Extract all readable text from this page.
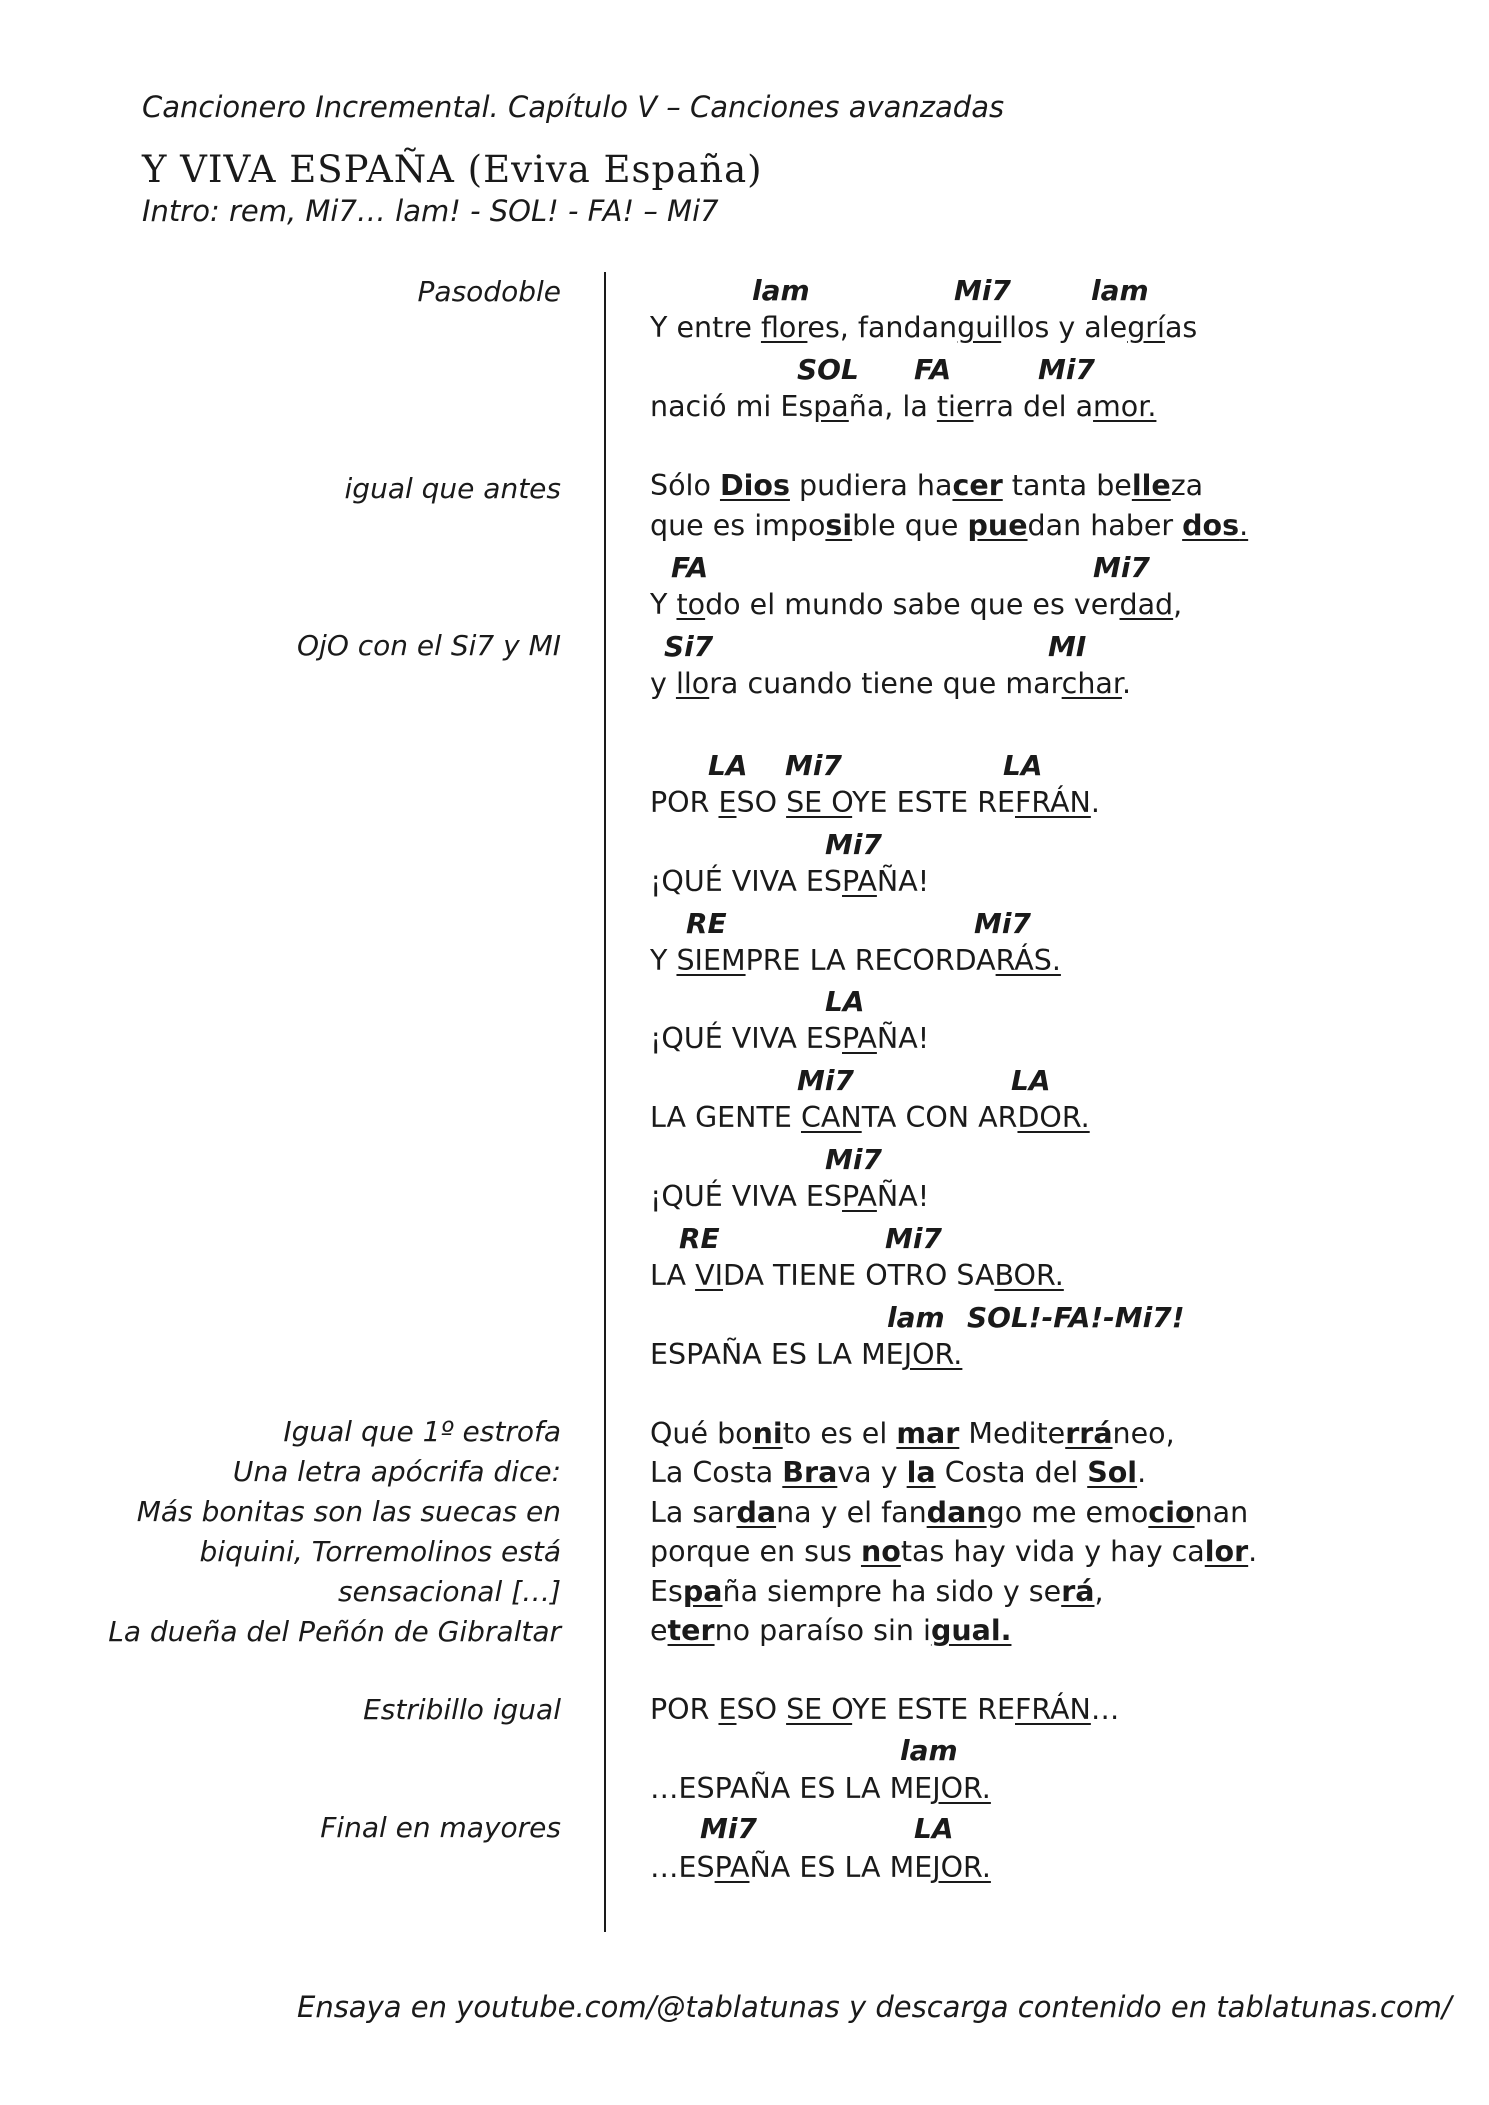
Cancionero Incremental. Capítulo V – Canciones avanzadas
Y VIVA ESPAÑA (Eviva España)
Intro: rem, Mi7… lam! - SOL! - FA! – Mi7
Pasodoble
igual que antes
OjO con el Si7 y MI
Igual que 1º estrofa
Una letra apócrifa dice:
Más bonitas son las suecas en
biquini, Torremolinos está
sensacional […]
La dueña del Peñón de Gibraltar
Estribillo igual
Final en mayores
lam	Mi7	lam
SOL FA	Mi7
FA	Mi7
Si7	MI
LA Mi7	LA
Mi7
RE	Mi7
LA
Mi7	LA
Mi7
RE	Mi7
lam SOL!-FA!-Mi7!
lam
Mi7	LA
Y entre flores, fandanguillos y alegrías
nació mi España, la tierra del amor.
Sólo Dios pudiera hacer tanta belleza
que es imposible que puedan haber dos.
Y todo el mundo sabe que es verdad,
y llora cuando tiene que marchar.
POR ESO SE OYE ESTE REFRÁN.
¡QUÉ VIVA ESPAÑA!
Y SIEMPRE LA RECORDARÁS.
¡QUÉ VIVA ESPAÑA!
LA GENTE CANTA CON ARDOR.
¡QUÉ VIVA ESPAÑA!
LA VIDA TIENE OTRO SABOR.
ESPAÑA ES LA MEJOR.
Qué bonito es el mar Mediterráneo,
La Costa Brava y la Costa del Sol.
La sardana y el fandango me emocionan
porque en sus notas hay vida y hay calor.
España siempre ha sido y será,
eterno paraíso sin igual.
POR ESO SE OYE ESTE REFRÁN…
…ESPAÑA ES LA MEJOR.
…ESPAÑA ES LA MEJOR.
Ensaya en youtube.com/@tablatunas y descarga contenido en tablatunas.com/
